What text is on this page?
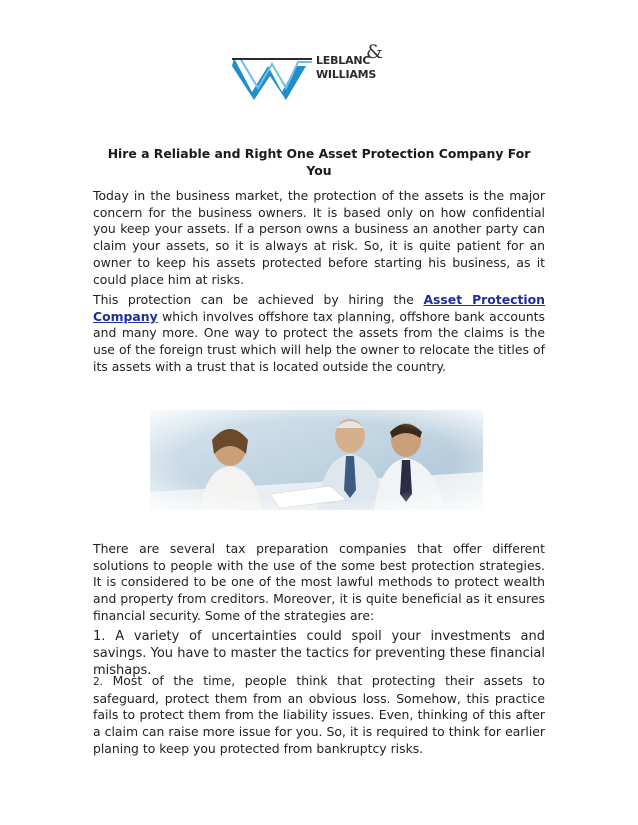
LEBLANC
&
WILLIAMS
Hire a Reliable and Right One Asset Protection Company For You

Today in the business market, the protection of the assets is the major concern for the business owners. It is based only on how confidential you keep your assets. If a person owns a business an another party can claim your assets, so it is always at risk. So, it is quite patient for an owner to keep his assets protected before starting his business, as it could place him at risks.

This protection can be achieved by hiring the Asset Protection Company which involves offshore tax planning, offshore bank accounts and many more. One way to protect the assets from the claims is the use of the foreign trust which will help the owner to relocate the titles of its assets with a trust that is located outside the country.

There are several tax preparation companies that offer different solutions to people with the use of the some best protection strategies. It is considered to be one of the most lawful methods to protect wealth and property from creditors. Moreover, it is quite beneficial as it ensures financial security. Some of the strategies are:

1. A variety of uncertainties could spoil your investments and savings. You have to master the tactics for preventing these financial mishaps.

2. Most of the time, people think that protecting their assets to safeguard, protect them from an obvious loss. Somehow, this practice fails to protect them from the liability issues. Even, thinking of this after a claim can raise more issue for you. So, it is required to think for earlier planing to keep you protected from bankruptcy risks.
